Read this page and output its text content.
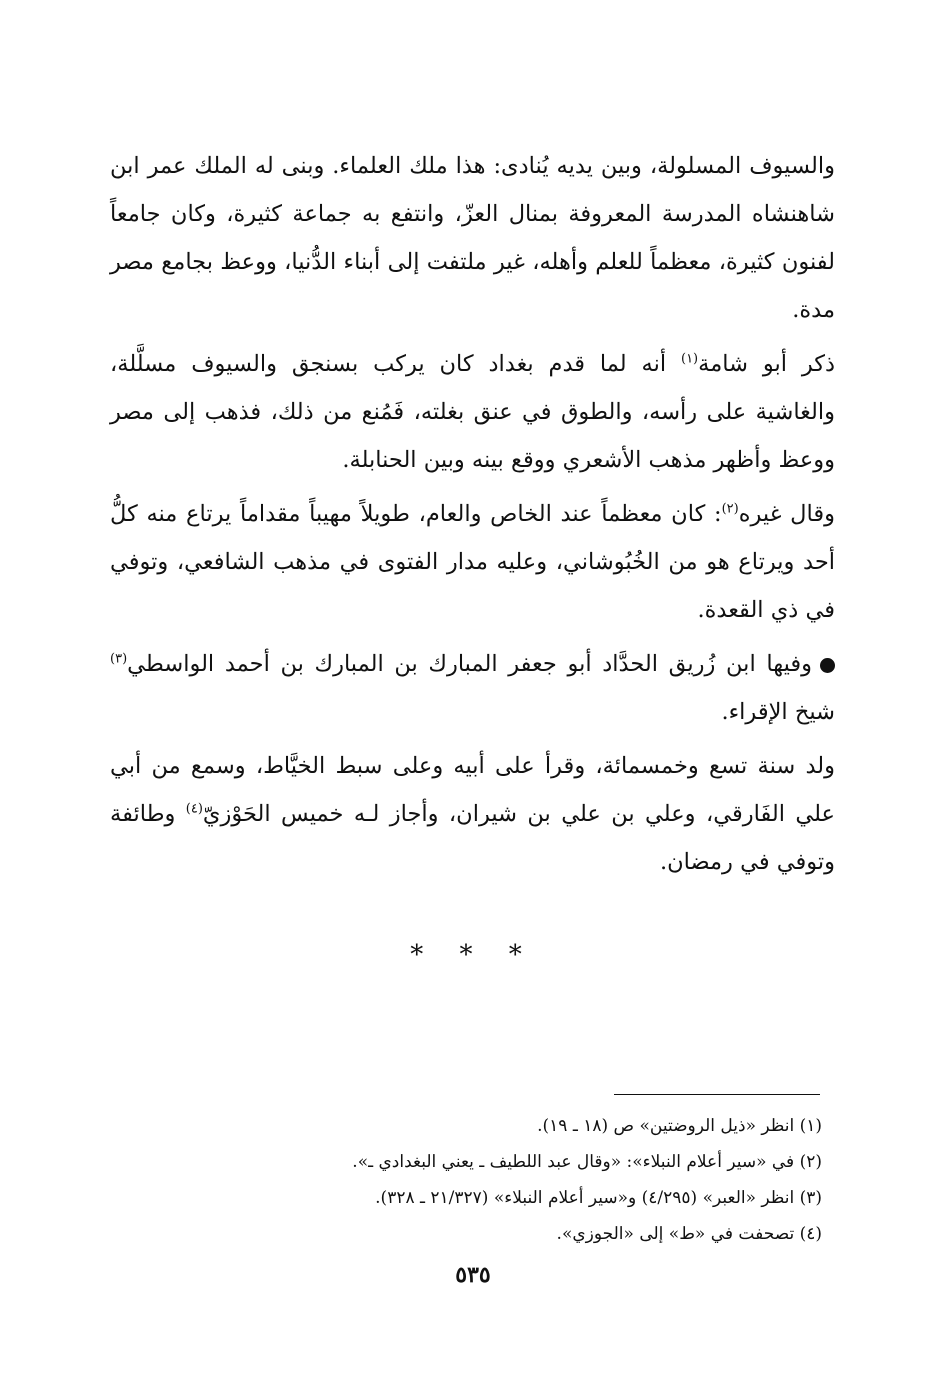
والسيوف المسلولة، وبين يديه يُنادى: هذا ملك العلماء. وبنى له الملك عمر ابن شاهنشاه المدرسة المعروفة بمنال العزّ، وانتفع به جماعة كثيرة، وكان جامعاً لفنون كثيرة، معظماً للعلم وأهله، غير ملتفت إلى أبناء الدُّنيا، ووعظ بجامع مصر مدة.

ذكر أبو شامة$^{(١)}$ أنه لما قدم بغداد كان يركب بسنجق والسيوف مسلَّلة، والغاشية على رأسه، والطوق في عنق بغلته، فَمُنع من ذلك، فذهب إلى مصر ووعظ وأظهر مذهب الأشعري ووقع بينه وبين الحنابلة.

وقال غيره$^{(٢)}$: كان معظماً عند الخاص والعام، طويلاً مهيباً مقداماً يرتاع منه كلُّ أحد ويرتاع هو من الخُبُوشاني، وعليه مدار الفتوى في مذهب الشافعي، وتوفي في ذي القعدة.

وفيها ابن زُريق الحدَّاد أبو جعفر المبارك بن المبارك بن أحمد الواسطي$^{(٣)}$ شيخ الإقراء.

ولد سنة تسع وخمسمائة، وقرأ على أبيه وعلى سبط الخيَّاط، وسمع من أبي علي الفَارقي، وعلي بن علي بن شيران، وأجاز لـه خميس الحَوْزيّ$^{(٤)}$ وطائفة وتوفي في رمضان.

* * *

(١) انظر «ذيل الروضتين» ص (١٨ ـ ١٩).

(٢) في «سير أعلام النبلاء»: «وقال عبد اللطيف ـ يعني البغدادي ـ».

(٣) انظر «العبر» (٤/٢٩٥) و«سير أعلام النبلاء» (٢١/٣٢٧ ـ ٣٢٨).

(٤) تصحفت في «ط» إلى «الجوزي».

٥٣٥
